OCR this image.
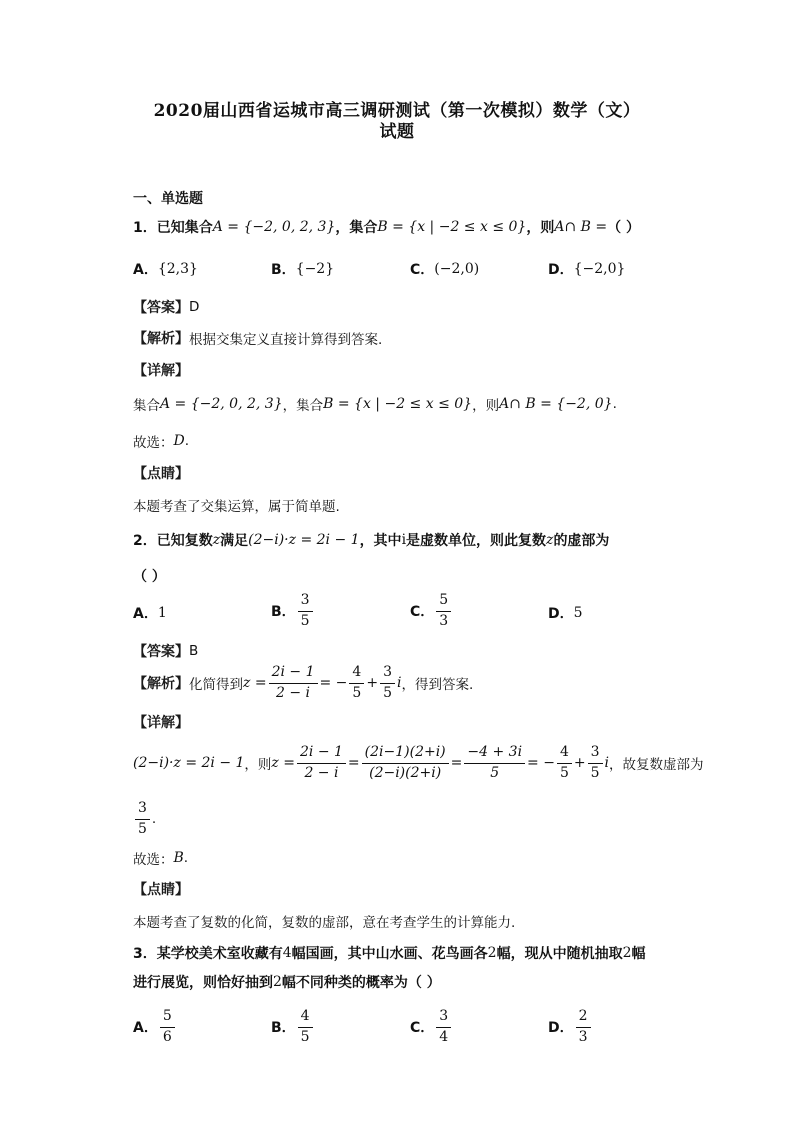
2020届山西省运城市高三调研测试（第一次模拟）数学（文）
试题
一、单选题
1． 已知集合 A = {−2, 0, 2, 3} ，集合 B = {x | −2 ≤ x ≤ 0} ，则 A∩ B = （ ）
A． {2,3}	B． {−2}	C． (−2,0)	D． {−2,0}
【答案】 D
【解析】 根据交集定义直接计算得到答案.
【详解】
集合 A = {−2, 0, 2, 3} ，集合 B = {x | −2 ≤ x ≤ 0} ，则 A∩ B = {−2, 0} .
故选： D .
【点睛】
本题考查了交集运算，属于简单题.
2． 已知复数 z 满足 (2−i)·z = 2i − 1 ，其中 i 是虚数单位，则此复数 z 的虚部为
（ ）
A． 1	B． $\frac{3}{5}$	C． $\frac{5}{3}$	D． 5
【答案】 B
【解析】 化简得到 $z = \frac{2i - 1}{2 - i}$ = − $\frac{4}{5} + \frac{3}{5}$ i ，得到答案.
【详解】
(2−i)·z = 2i − 1 ，则 $z = \frac{2i - 1}{2 - i} = \frac{(2i-1)(2+i)}{(2-i)(2+i)} = \frac{-4 + 3i}{5}$ = − $\frac{4}{5} + \frac{3}{5}$ i ，故复数虚部为
$\frac{3}{5}$ .
故选： B .
【点睛】
本题考查了复数的化简，复数的虚部，意在考查学生的计算能力.
3． 某学校美术室收藏有 4 幅国画，其中山水画、花鸟画各 2 幅，现从中随机抽取 2 幅
进行展览，则恰好抽到 2 幅不同种类的概率为 （ ）
A． $\frac{5}{6}$	B． $\frac{4}{5}$	C． $\frac{3}{4}$	D． $\frac{2}{3}$
